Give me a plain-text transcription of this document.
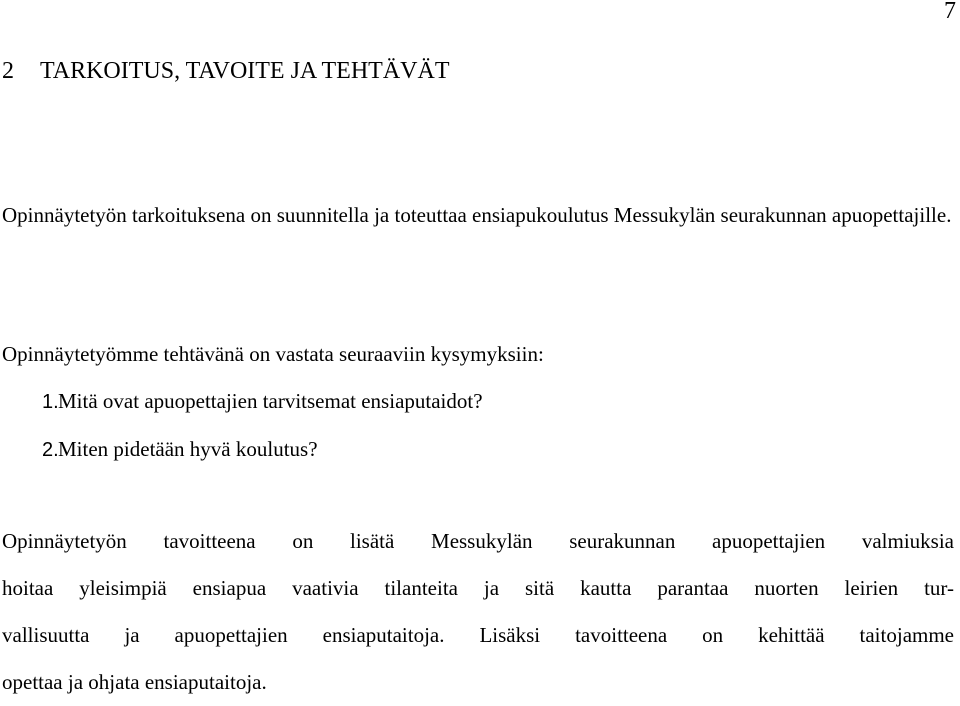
7
2 TARKOITUS, TAVOITE JA TEHTÄVÄT

Opinnäytetyön tarkoituksena on suunnitella ja toteuttaa ensiapukoulutus Messukylän seurakunnan apuopettajille.

Opinnäytetyömme tehtävänä on vastata seuraaviin kysymyksiin:

1.Mitä ovat apuopettajien tarvitsemat ensiaputaidot?
2.Miten pidetään hyvä koulutus?
Opinnäytetyön tavoitteena on lisätä Messukylän seurakunnan apuopettajien valmiuksia
hoitaa yleisimpiä ensiapua vaativia tilanteita ja sitä kautta parantaa nuorten leirien tur-
vallisuutta ja apuopettajien ensiaputaitoja. Lisäksi tavoitteena on kehittää taitojamme
opettaa ja ohjata ensiaputaitoja.
